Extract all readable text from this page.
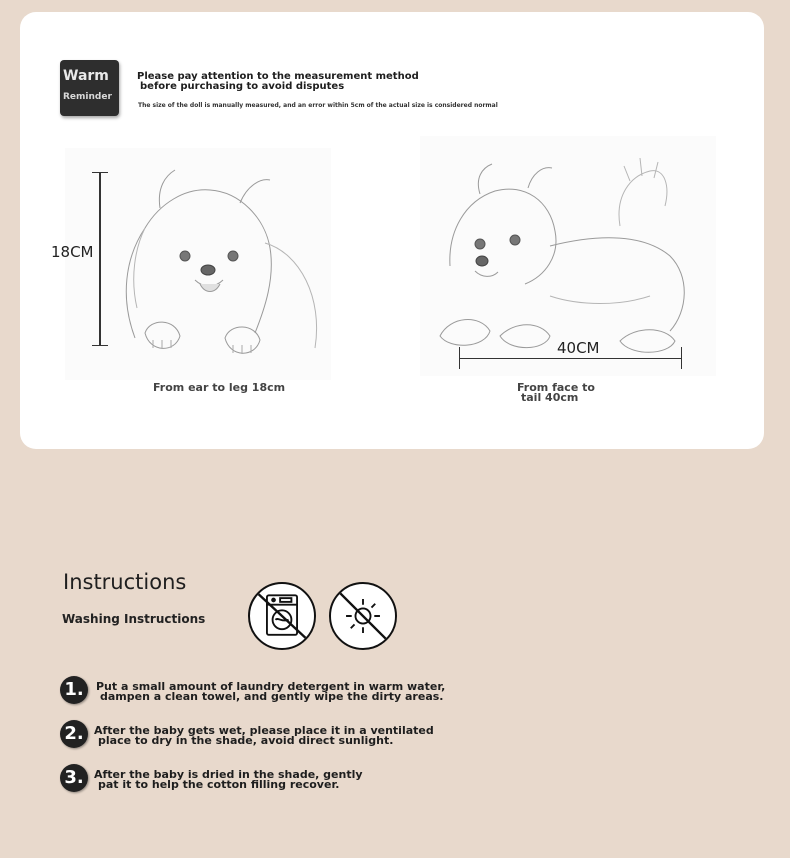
Warm
Reminder
Please pay attention to the measurement method
before purchasing to avoid disputes
The size of the doll is manually measured, and an error within 5cm of the actual size is considered normal
18CM
40CM
From ear to leg 18cm	From face to
tail 40cm
Instructions
Washing Instructions
1.	Put a small amount of laundry detergent in warm water,
dampen a clean towel, and gently wipe the dirty areas.
2. After the baby gets wet, please place it in a ventilated
place to dry in the shade, avoid direct sunlight.
3. After the baby is dried in the shade, gently
pat it to help the cotton filling recover.
